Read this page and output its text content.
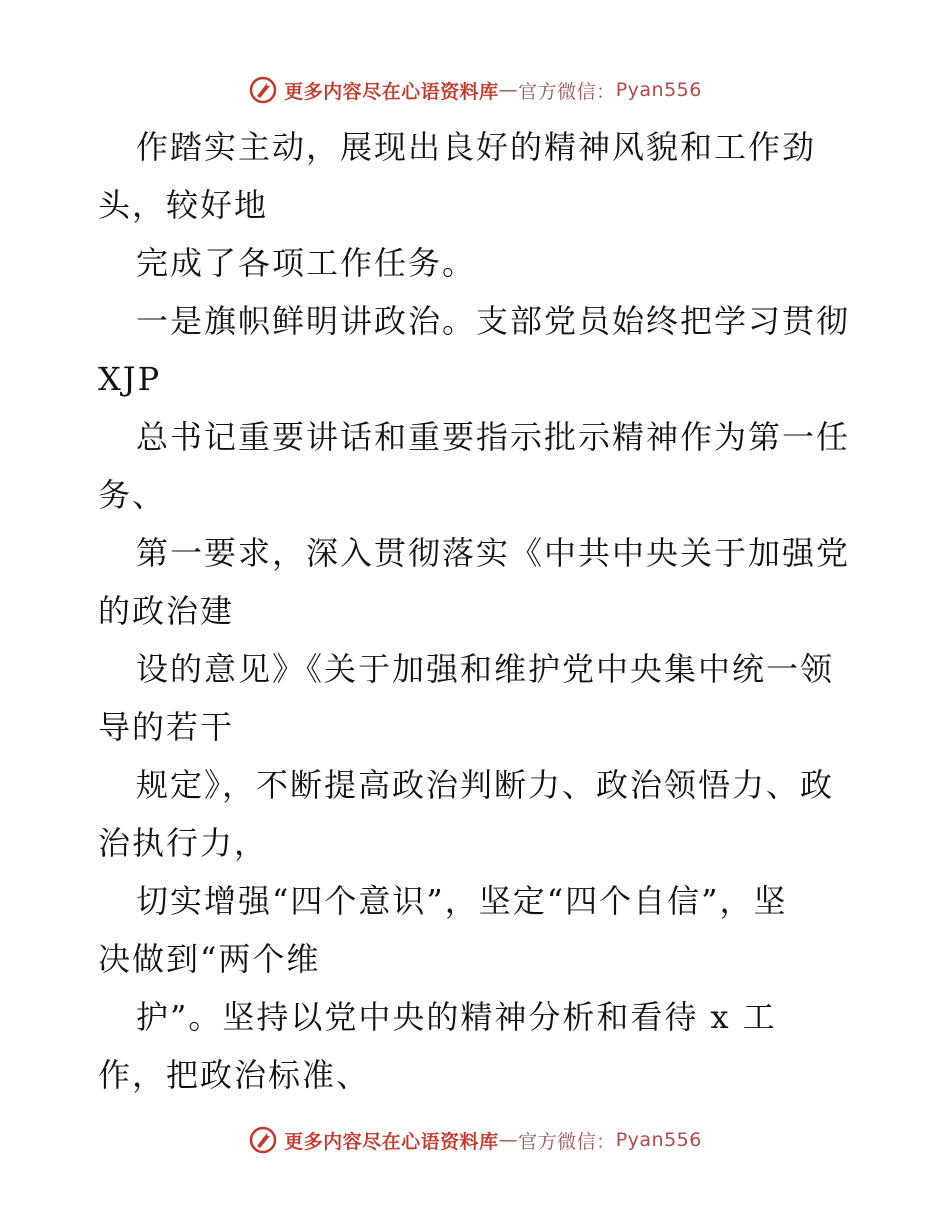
更多内容尽在心语资料库 — 官方微信： Pyan556
作踏实主动，展现出良好的精神风貌和工作劲
头，较好地
完成了各项工作任务。
一是旗帜鲜明讲政治。支部党员始终把学习贯彻
XJP
总书记重要讲话和重要指示批示精神作为第一任
务、
第一要求，深入贯彻落实《中共中央关于加强党
的政治建
设的意见》《关于加强和维护党中央集中统一领
导的若干
规定》，不断提高政治判断力、政治领悟力、政
治执行力，
切实增强“四个意识”，坚定“四个自信”，坚
决做到“两个维
护”。坚持以党中央的精神分析和看待 x 工
作，把政治标准、
更多内容尽在心语资料库 — 官方微信： Pyan556
